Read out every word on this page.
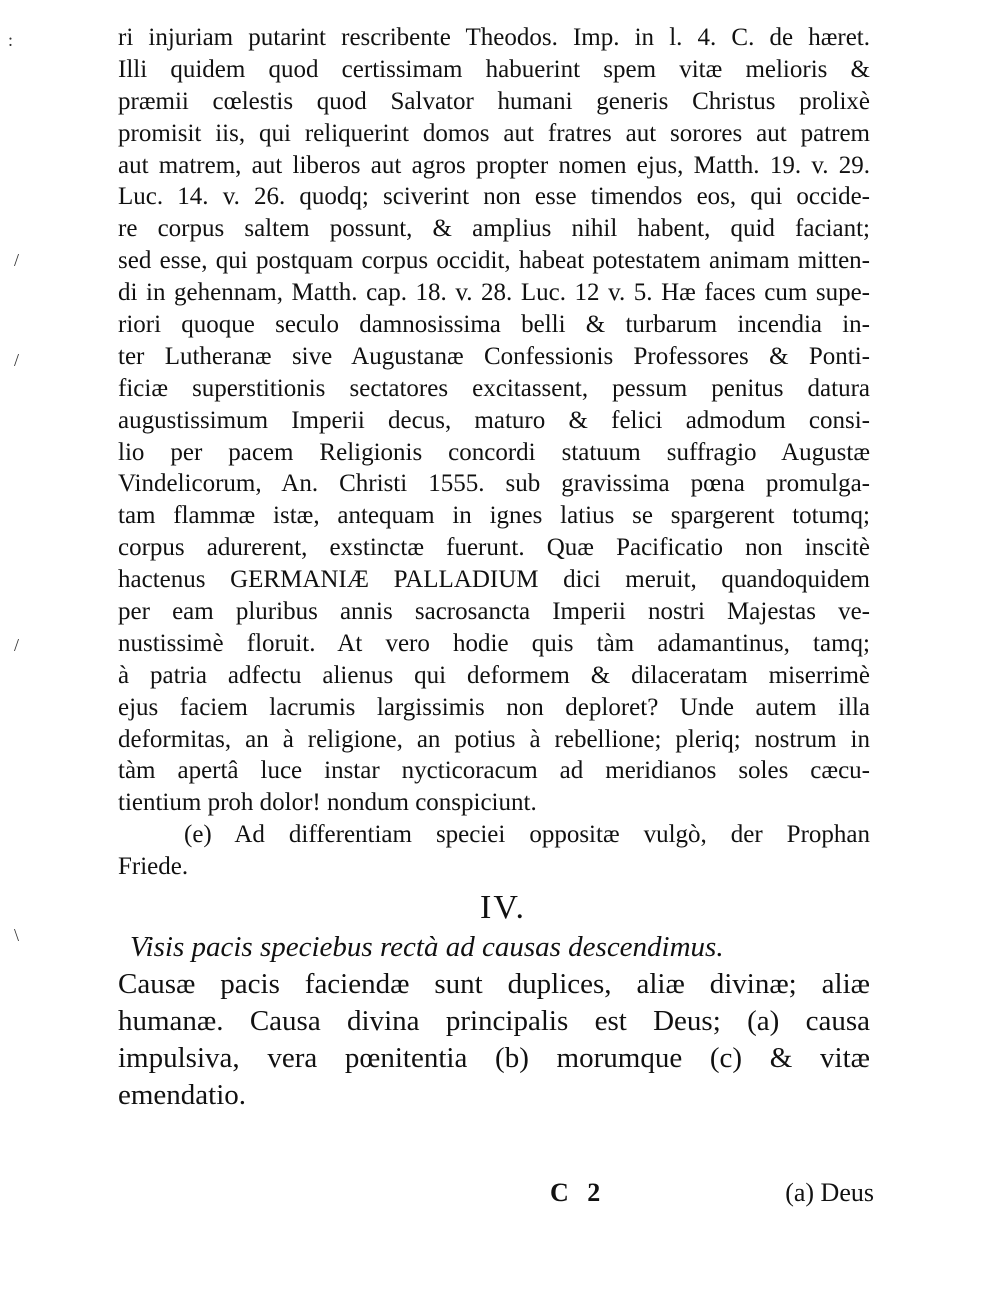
:
/
/
/
\
ri injuriam putarint rescribente Theodos. Imp. in l. 4. C. de hæret.
Illi quidem quod certissimam habuerint spem vitæ melioris &
præmii cœlestis quod Salvator humani generis Christus prolixè
promisit iis, qui reliquerint domos aut fratres aut sorores aut patrem
aut matrem, aut liberos aut agros propter nomen ejus, Matth. 19. v. 29.
Luc. 14. v. 26. quodq; sciverint non esse timendos eos, qui occide-
re corpus saltem possunt, & amplius nihil habent, quid faciant;
sed esse, qui postquam corpus occidit, habeat potestatem animam mitten-
di in gehennam, Matth. cap. 18. v. 28. Luc. 12 v. 5. Hæ faces cum supe-
riori quoque seculo damnosissima belli & turbarum incendia in-
ter Lutheranæ sive Augustanæ Confessionis Professores & Ponti-
ficiæ superstitionis sectatores excitassent, pessum penitus datura
augustissimum Imperii decus, maturo & felici admodum consi-
lio per pacem Religionis concordi statuum suffragio Augustæ
Vindelicorum, An. Christi 1555. sub gravissima pœna promulga-
tam flammæ istæ, antequam in ignes latius se spargerent totumq;
corpus adurerent, exstinctæ fuerunt. Quæ Pacificatio non inscitè
hactenus GERMANIÆ PALLADIUM dici meruit, quandoquidem
per eam pluribus annis sacrosancta Imperii nostri Majestas ve-
nustissimè floruit. At vero hodie quis tàm adamantinus, tamq;
à patria adfectu alienus qui deformem & dilaceratam miserrimè
ejus faciem lacrumis largissimis non deploret? Unde autem illa
deformitas, an à religione, an potius à rebellione; pleriq; nostrum in
tàm apertâ luce instar nycticoracum ad meridianos soles cæcu-
tientium proh dolor! nondum conspiciunt.
(e) Ad differentiam speciei oppositæ vulgò, der Prophan
Friede.
IV.
Visis pacis speciebus rectà ad causas descendimus.
Causæ pacis faciendæ sunt duplices, aliæ divinæ; aliæ
humanæ. Causa divina principalis est Deus; (a) causa
impulsiva, vera pœnitentia (b) morumque (c) & vitæ
emendatio.
C 2	(a) Deus
